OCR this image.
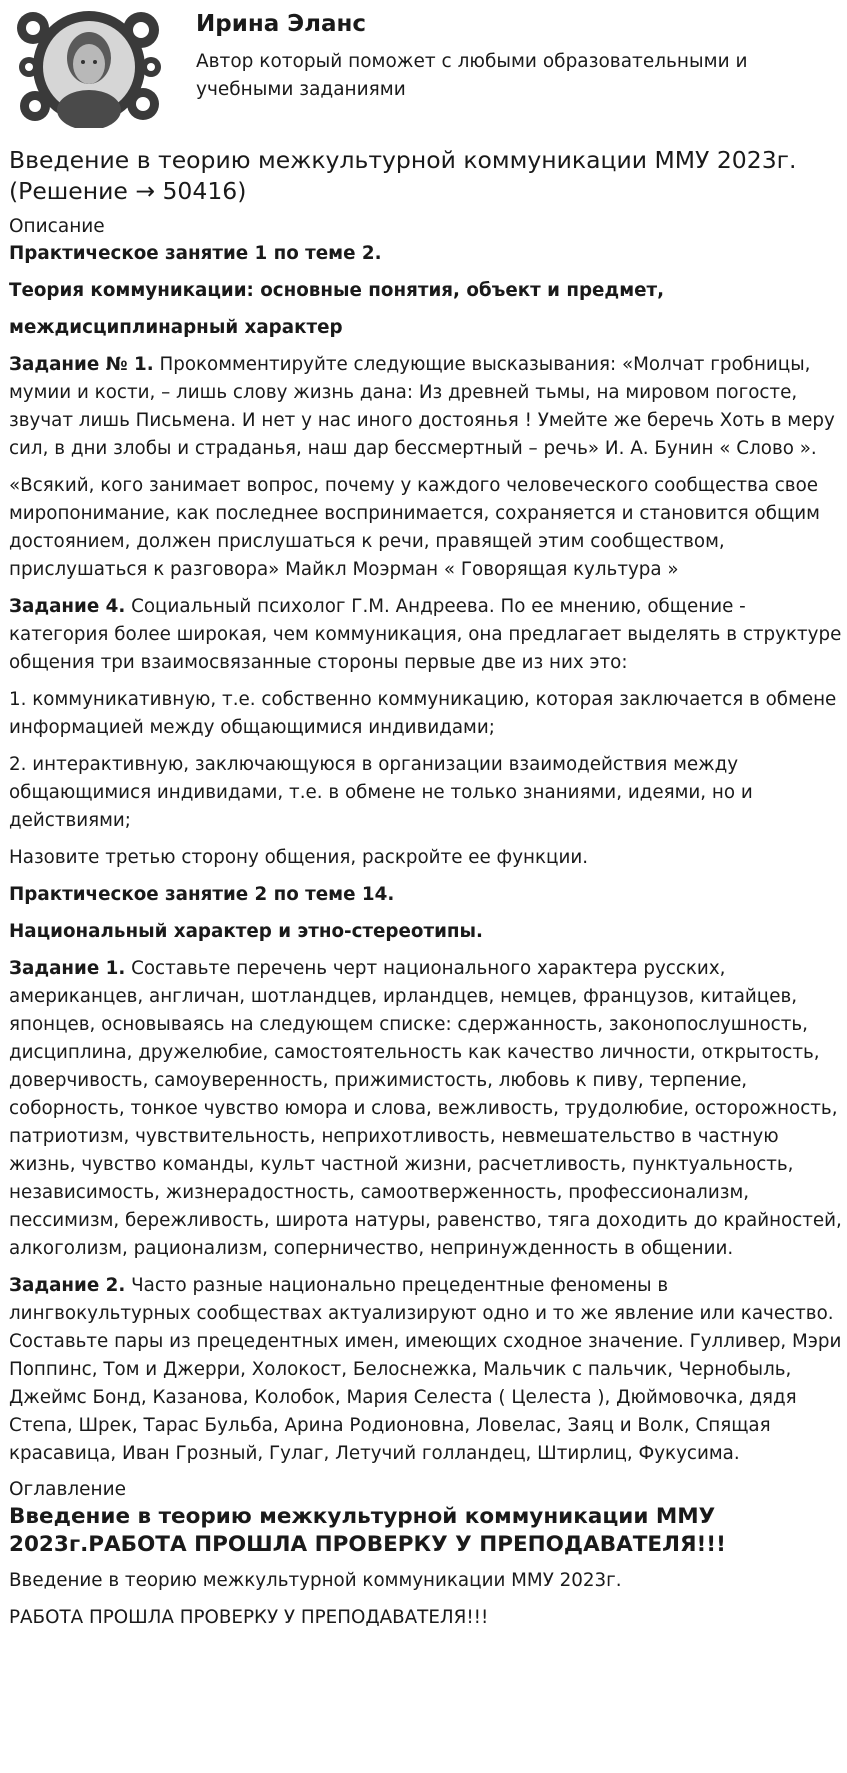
Ирина Эланс
Автор который поможет с любыми образовательными и учебными заданиями
Введение в теорию межкультурной коммуникации ММУ 2023г. (Решение → 50416)
Описание
Практическое занятие 1 по теме 2.
Теория коммуникации: основные понятия, объект и предмет,
междисциплинарный характер

Задание № 1. Прокомментируйте следующие высказывания: «Молчат гробницы, мумии и кости, – лишь слову жизнь дана: Из древней тьмы, на мировом погосте, звучат лишь Письмена. И нет у нас иного достоянья ! Умейте же беречь Хоть в меру сил, в дни злобы и страданья, наш дар бессмертный – речь» И. А. Бунин « Слово ».

«Всякий, кого занимает вопрос, почему у каждого человеческого сообщества свое миропонимание, как последнее воспринимается, сохраняется и становится общим достоянием, должен прислушаться к речи, правящей этим сообществом, прислушаться к разговора» Майкл Моэрман « Говорящая культура »

Задание 4. Социальный психолог Г.М. Андреева. По ее мнению, общение - категория более широкая, чем коммуникация, она предлагает выделять в структуре общения три взаимосвязанные стороны первые две из них это:

1. коммуникативную, т.е. собственно коммуникацию, которая заключается в обмене информацией между общающимися индивидами;

2. интерактивную, заключающуюся в организации взаимодействия между общающимися индивидами, т.е. в обмене не только знаниями, идеями, но и действиями;

Назовите третью сторону общения, раскройте ее функции.

Практическое занятие 2 по теме 14.
Национальный характер и этно-стереотипы.

Задание 1. Составьте перечень черт национального характера русских, американцев, англичан, шотландцев, ирландцев, немцев, французов, китайцев, японцев, основываясь на следующем списке: сдержанность, законопослушность, дисциплина, дружелюбие, самостоятельность как качество личности, открытость, доверчивость, самоуверенность, прижимистость, любовь к пиву, терпение, соборность, тонкое чувство юмора и слова, вежливость, трудолюбие, осторожность, патриотизм, чувствительность, неприхотливость, невмешательство в частную жизнь, чувство команды, культ частной жизни, расчетливость, пунктуальность, независимость, жизнерадостность, самоотверженность, профессионализм, пессимизм, бережливость, широта натуры, равенство, тяга доходить до крайностей, алкоголизм, рационализм, соперничество, непринужденность в общении.

Задание 2. Часто разные национально прецедентные феномены в лингвокультурных сообществах актуализируют одно и то же явление или качество. Составьте пары из прецедентных имен, имеющих сходное значение. Гулливер, Мэри Поппинс, Том и Джерри, Холокост, Белоснежка, Мальчик с пальчик, Чернобыль, Джеймс Бонд, Казанова, Колобок, Мария Селеста ( Целеста ), Дюймовочка, дядя Степа, Шрек, Тарас Бульба, Арина Родионовна, Ловелас, Заяц и Волк, Спящая красавица, Иван Грозный, Гулаг, Летучий голландец, Штирлиц, Фукусима.

Оглавление
Введение в теорию межкультурной коммуникации ММУ 2023г.РАБОТА ПРОШЛА ПРОВЕРКУ У ПРЕПОДАВАТЕЛЯ!!!

Введение в теорию межкультурной коммуникации ММУ 2023г.

РАБОТА ПРОШЛА ПРОВЕРКУ У ПРЕПОДАВАТЕЛЯ!!!
